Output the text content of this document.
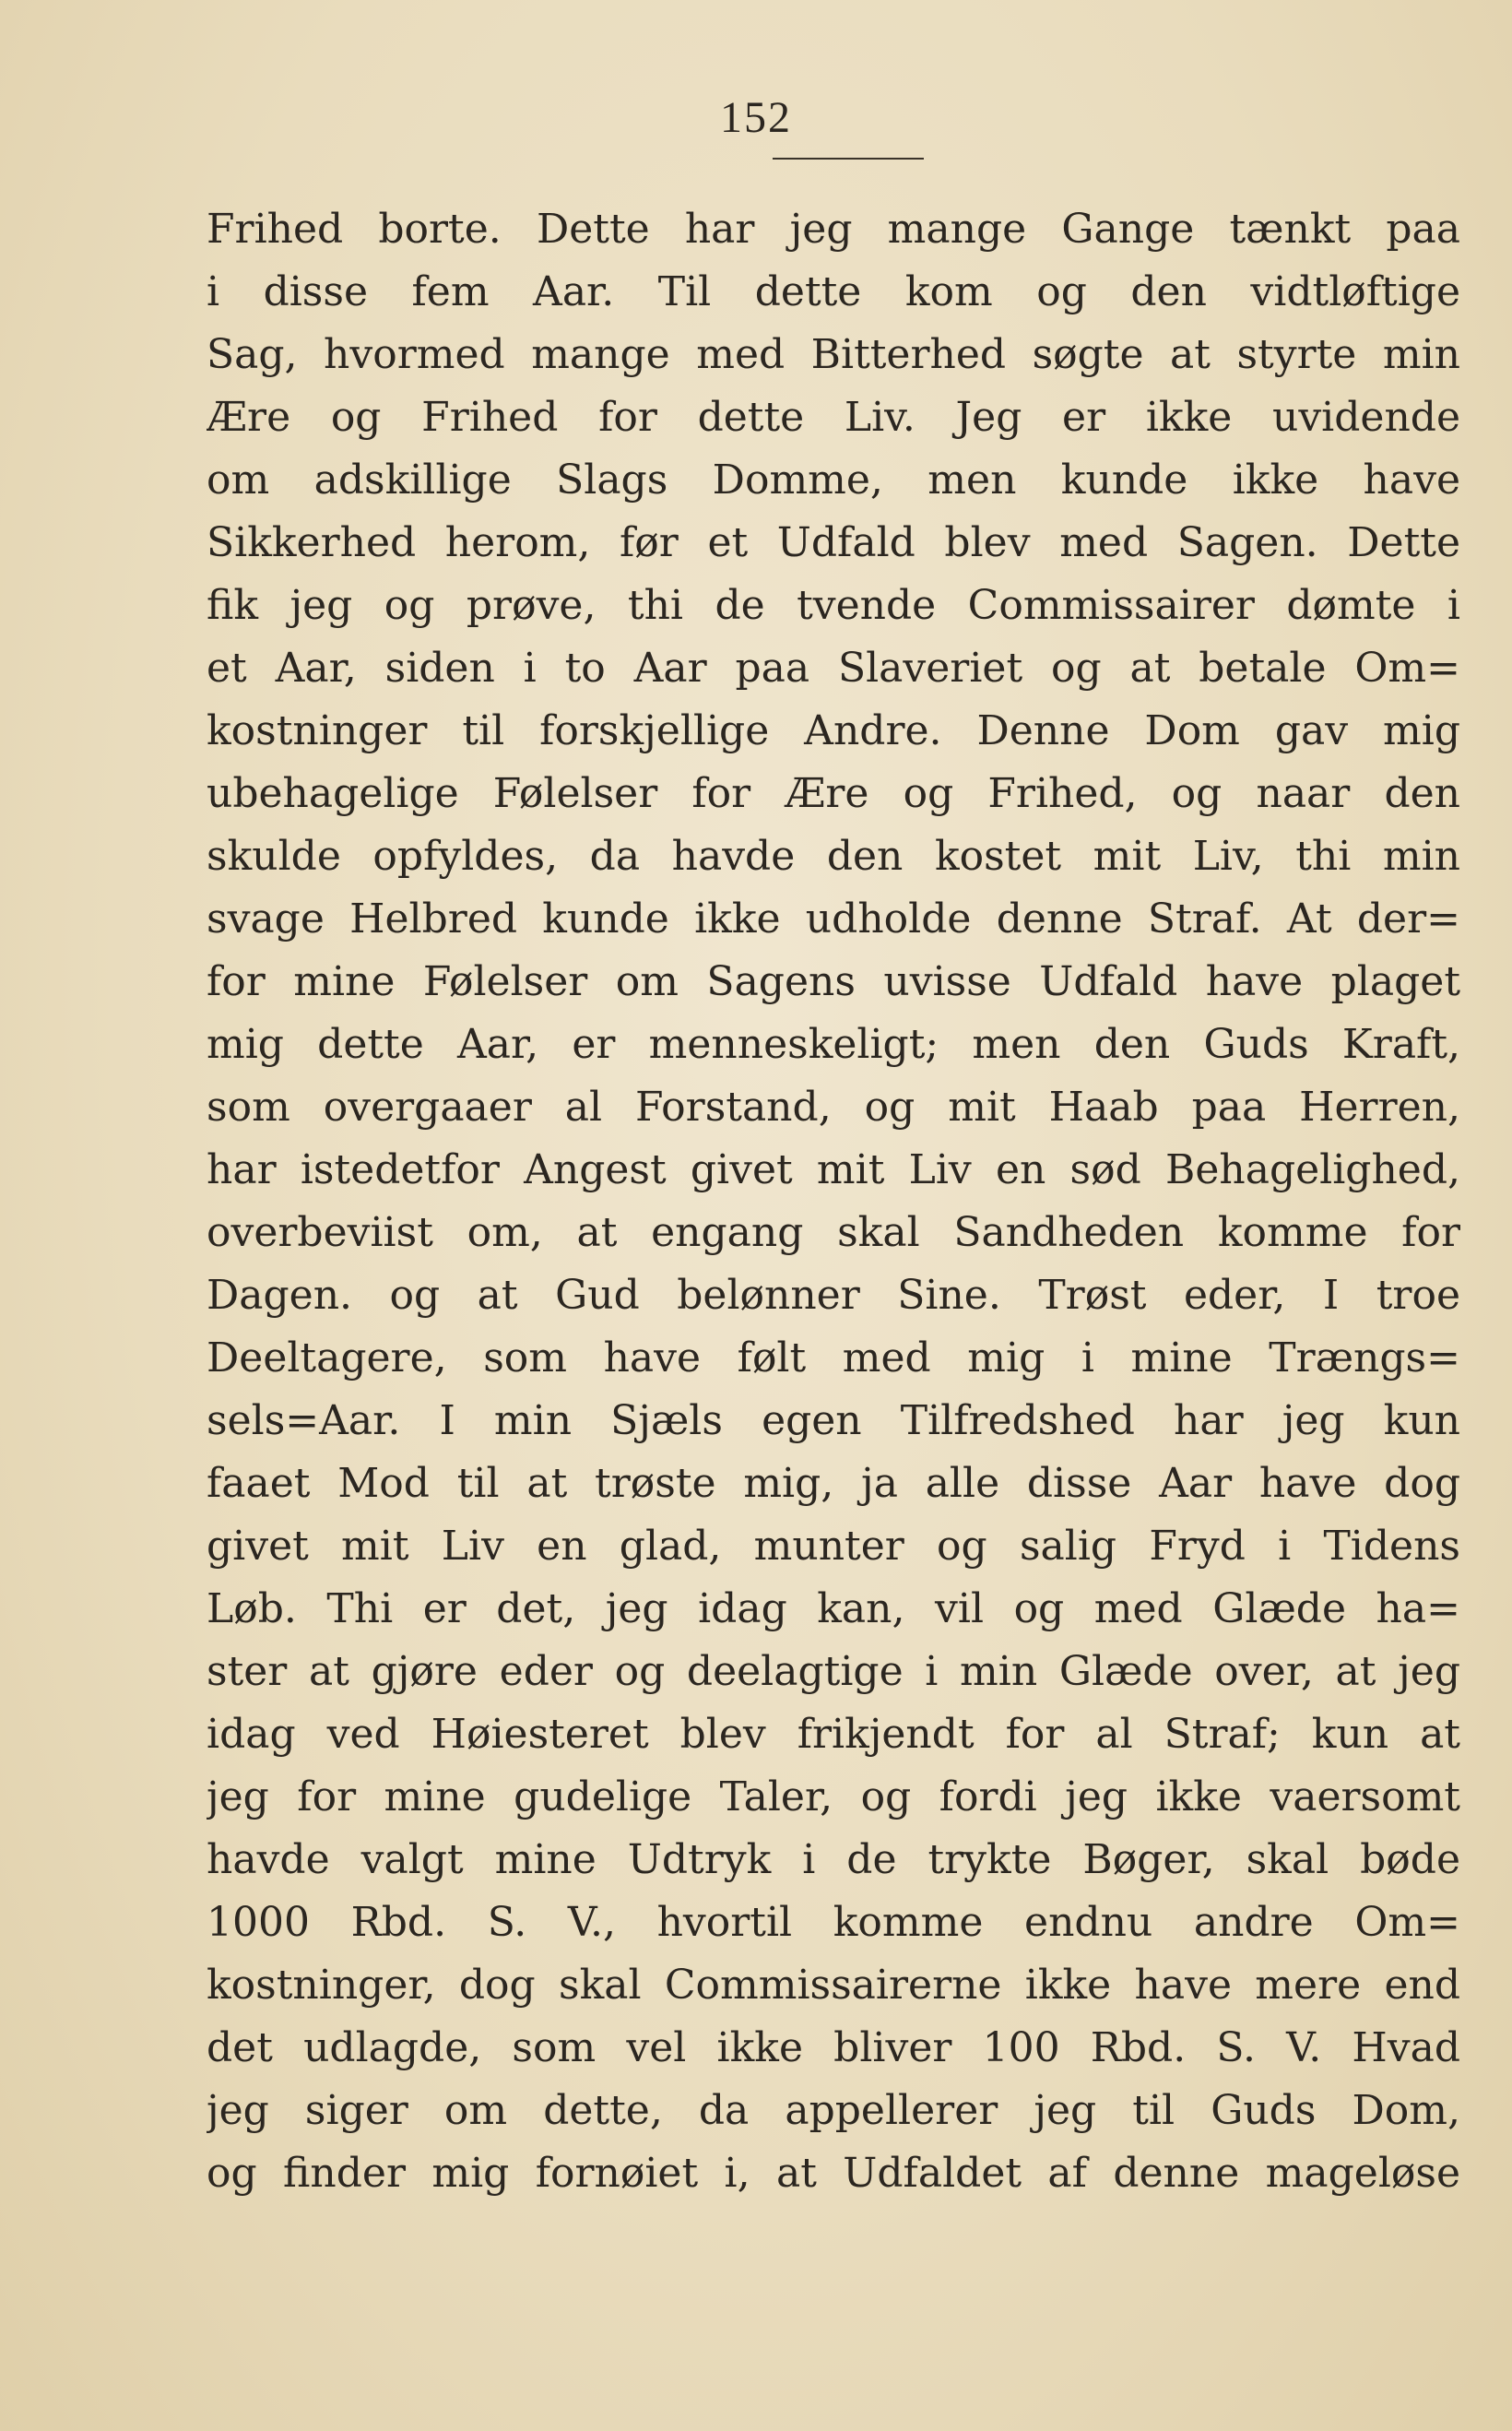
152
Frihed borte. Dette har jeg mange Gange tænkt paa
i disse fem Aar. Til dette kom og den vidtløftige
Sag, hvormed mange med Bitterhed søgte at styrte min
Ære og Frihed for dette Liv. Jeg er ikke uvidende
om adskillige Slags Domme, men kunde ikke have
Sikkerhed herom, før et Udfald blev med Sagen. Dette
fik jeg og prøve, thi de tvende Commissairer dømte i
et Aar, siden i to Aar paa Slaveriet og at betale Om=
kostninger til forskjellige Andre. Denne Dom gav mig
ubehagelige Følelser for Ære og Frihed, og naar den
skulde opfyldes, da havde den kostet mit Liv, thi min
svage Helbred kunde ikke udholde denne Straf. At der=
for mine Følelser om Sagens uvisse Udfald have plaget
mig dette Aar, er menneskeligt; men den Guds Kraft,
som overgaaer al Forstand, og mit Haab paa Herren,
har istedetfor Angest givet mit Liv en sød Behagelighed,
overbeviist om, at engang skal Sandheden komme for
Dagen. og at Gud belønner Sine. Trøst eder, I troe
Deeltagere, som have følt med mig i mine Trængs=
sels=Aar. I min Sjæls egen Tilfredshed har jeg kun
faaet Mod til at trøste mig, ja alle disse Aar have dog
givet mit Liv en glad, munter og salig Fryd i Tidens
Løb. Thi er det, jeg idag kan, vil og med Glæde ha=
ster at gjøre eder og deelagtige i min Glæde over, at jeg
idag ved Høiesteret blev frikjendt for al Straf; kun at
jeg for mine gudelige Taler, og fordi jeg ikke vaersomt
havde valgt mine Udtryk i de trykte Bøger, skal bøde
1000 Rbd. S. V., hvortil komme endnu andre Om=
kostninger, dog skal Commissairerne ikke have mere end
det udlagde, som vel ikke bliver 100 Rbd. S. V. Hvad
jeg siger om dette, da appellerer jeg til Guds Dom,
og finder mig fornøiet i, at Udfaldet af denne mageløse
